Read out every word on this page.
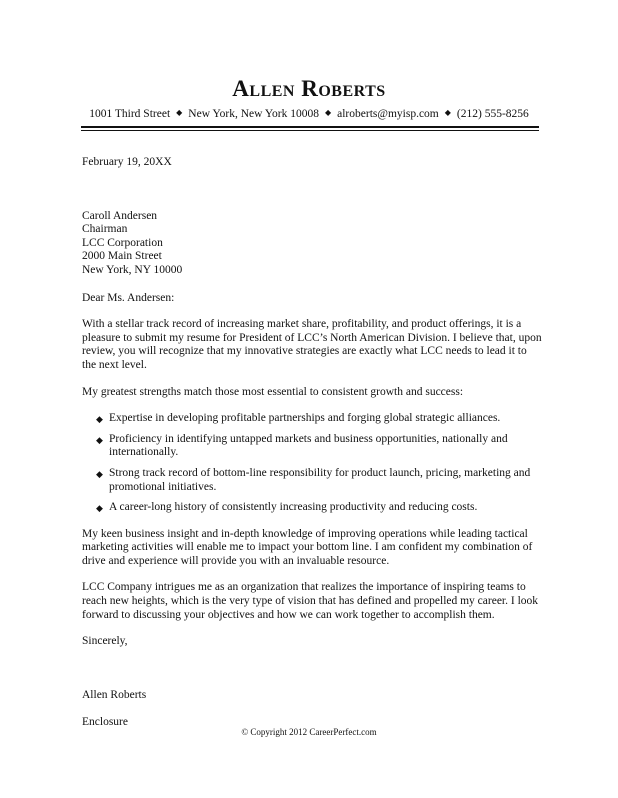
Allen Roberts
1001 Third Street ◆ New York, New York 10008 ◆ alroberts@myisp.com ◆ (212) 555-8256
February 19, 20XX
Caroll Andersen
Chairman
LCC Corporation
2000 Main Street
New York, NY 10000
Dear Ms. Andersen:

With a stellar track record of increasing market share, profitability, and product offerings, it is a pleasure to submit my resume for President of LCC’s North American Division. I believe that, upon review, you will recognize that my innovative strategies are exactly what LCC needs to lead it to the next level.

My greatest strengths match those most essential to consistent growth and success:

◆ Expertise in developing profitable partnerships and forging global strategic alliances.
◆ Proficiency in identifying untapped markets and business opportunities, nationally and internationally.
◆ Strong track record of bottom-line responsibility for product launch, pricing, marketing and promotional initiatives.
◆ A career-long history of consistently increasing productivity and reducing costs.

My keen business insight and in-depth knowledge of improving operations while leading tactical marketing activities will enable me to impact your bottom line. I am confident my combination of drive and experience will provide you with an invaluable resource.

LCC Company intrigues me as an organization that realizes the importance of inspiring teams to reach new heights, which is the very type of vision that has defined and propelled my career. I look forward to discussing your objectives and how we can work together to accomplish them.

Sincerely,
Allen Roberts
Enclosure
© Copyright 2012 CareerPerfect.com
